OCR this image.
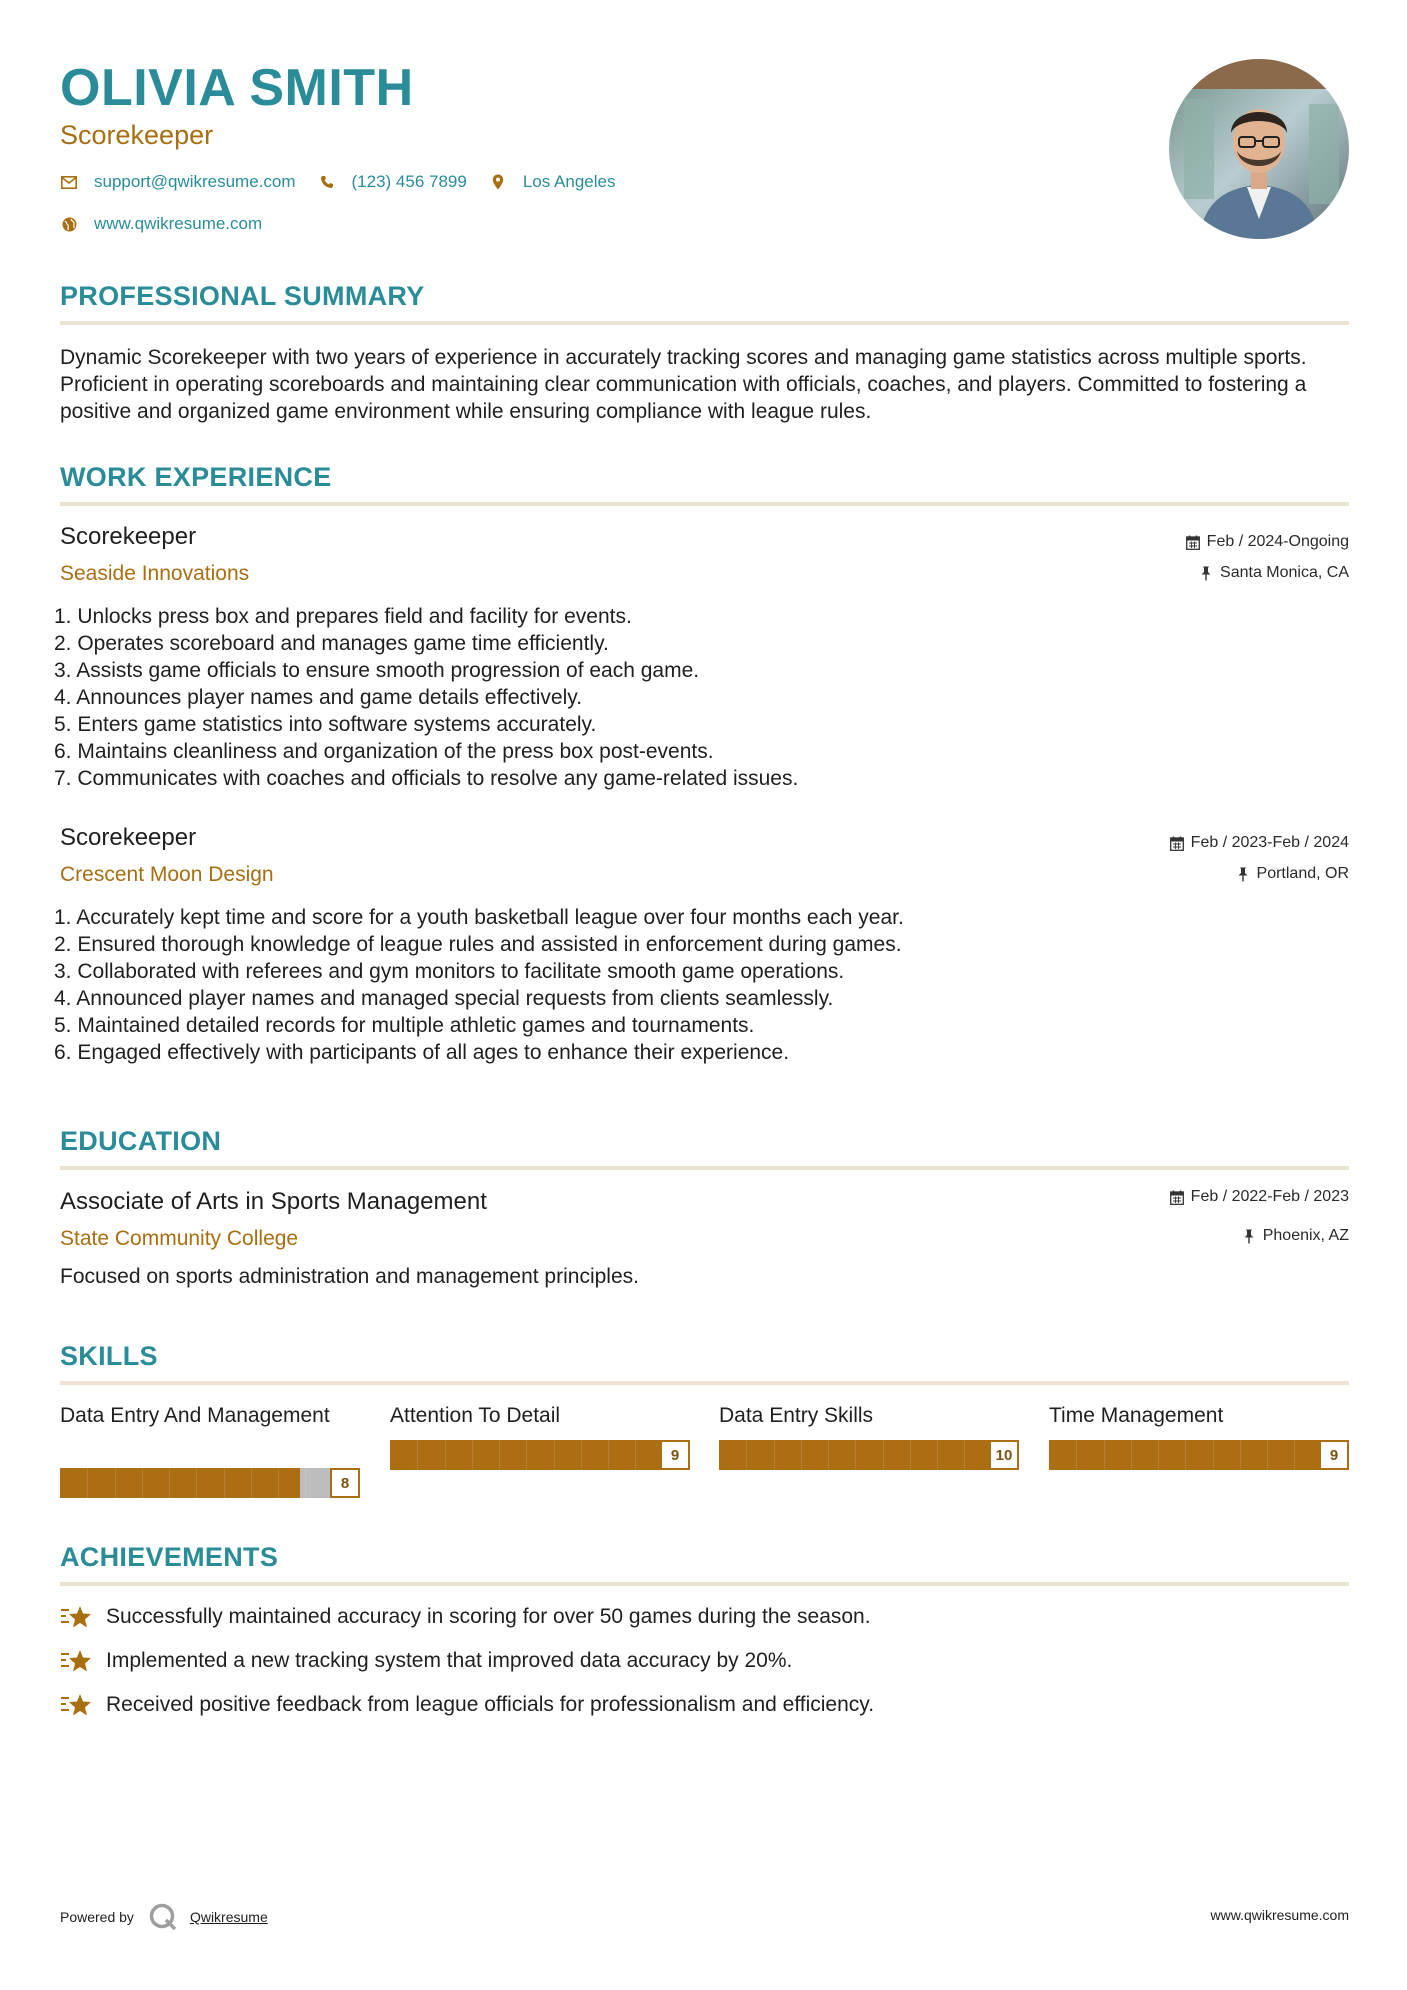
OLIVIA SMITH
Scorekeeper
support@qwikresume.com	(123) 456 7899	Los Angeles
www.qwikresume.com
PROFESSIONAL SUMMARY
Dynamic Scorekeeper with two years of experience in accurately tracking scores and managing game statistics across multiple sports. Proficient in operating scoreboards and maintaining clear communication with officials, coaches, and players. Committed to fostering a positive and organized game environment while ensuring compliance with league rules.
WORK EXPERIENCE
Scorekeeper
Seaside Innovations
Feb / 2024-Ongoing
Santa Monica, CA
1. Unlocks press box and prepares field and facility for events.
2. Operates scoreboard and manages game time efficiently.
3. Assists game officials to ensure smooth progression of each game.
4. Announces player names and game details effectively.
5. Enters game statistics into software systems accurately.
6. Maintains cleanliness and organization of the press box post-events.
7. Communicates with coaches and officials to resolve any game-related issues.
Scorekeeper
Crescent Moon Design
Feb / 2023-Feb / 2024
Portland, OR
1. Accurately kept time and score for a youth basketball league over four months each year.
2. Ensured thorough knowledge of league rules and assisted in enforcement during games.
3. Collaborated with referees and gym monitors to facilitate smooth game operations.
4. Announced player names and managed special requests from clients seamlessly.
5. Maintained detailed records for multiple athletic games and tournaments.
6. Engaged effectively with participants of all ages to enhance their experience.
EDUCATION
Associate of Arts in Sports Management
State Community College
Feb / 2022-Feb / 2023
Phoenix, AZ
Focused on sports administration and management principles.
SKILLS
Data Entry And Management
8
Attention To Detail
9
Data Entry Skills
10
Time Management
9
ACHIEVEMENTS
Successfully maintained accuracy in scoring for over 50 games during the season.
Implemented a new tracking system that improved data accuracy by 20%.
Received positive feedback from league officials for professionalism and efficiency.
Powered by	Qwikresume	www.qwikresume.com
